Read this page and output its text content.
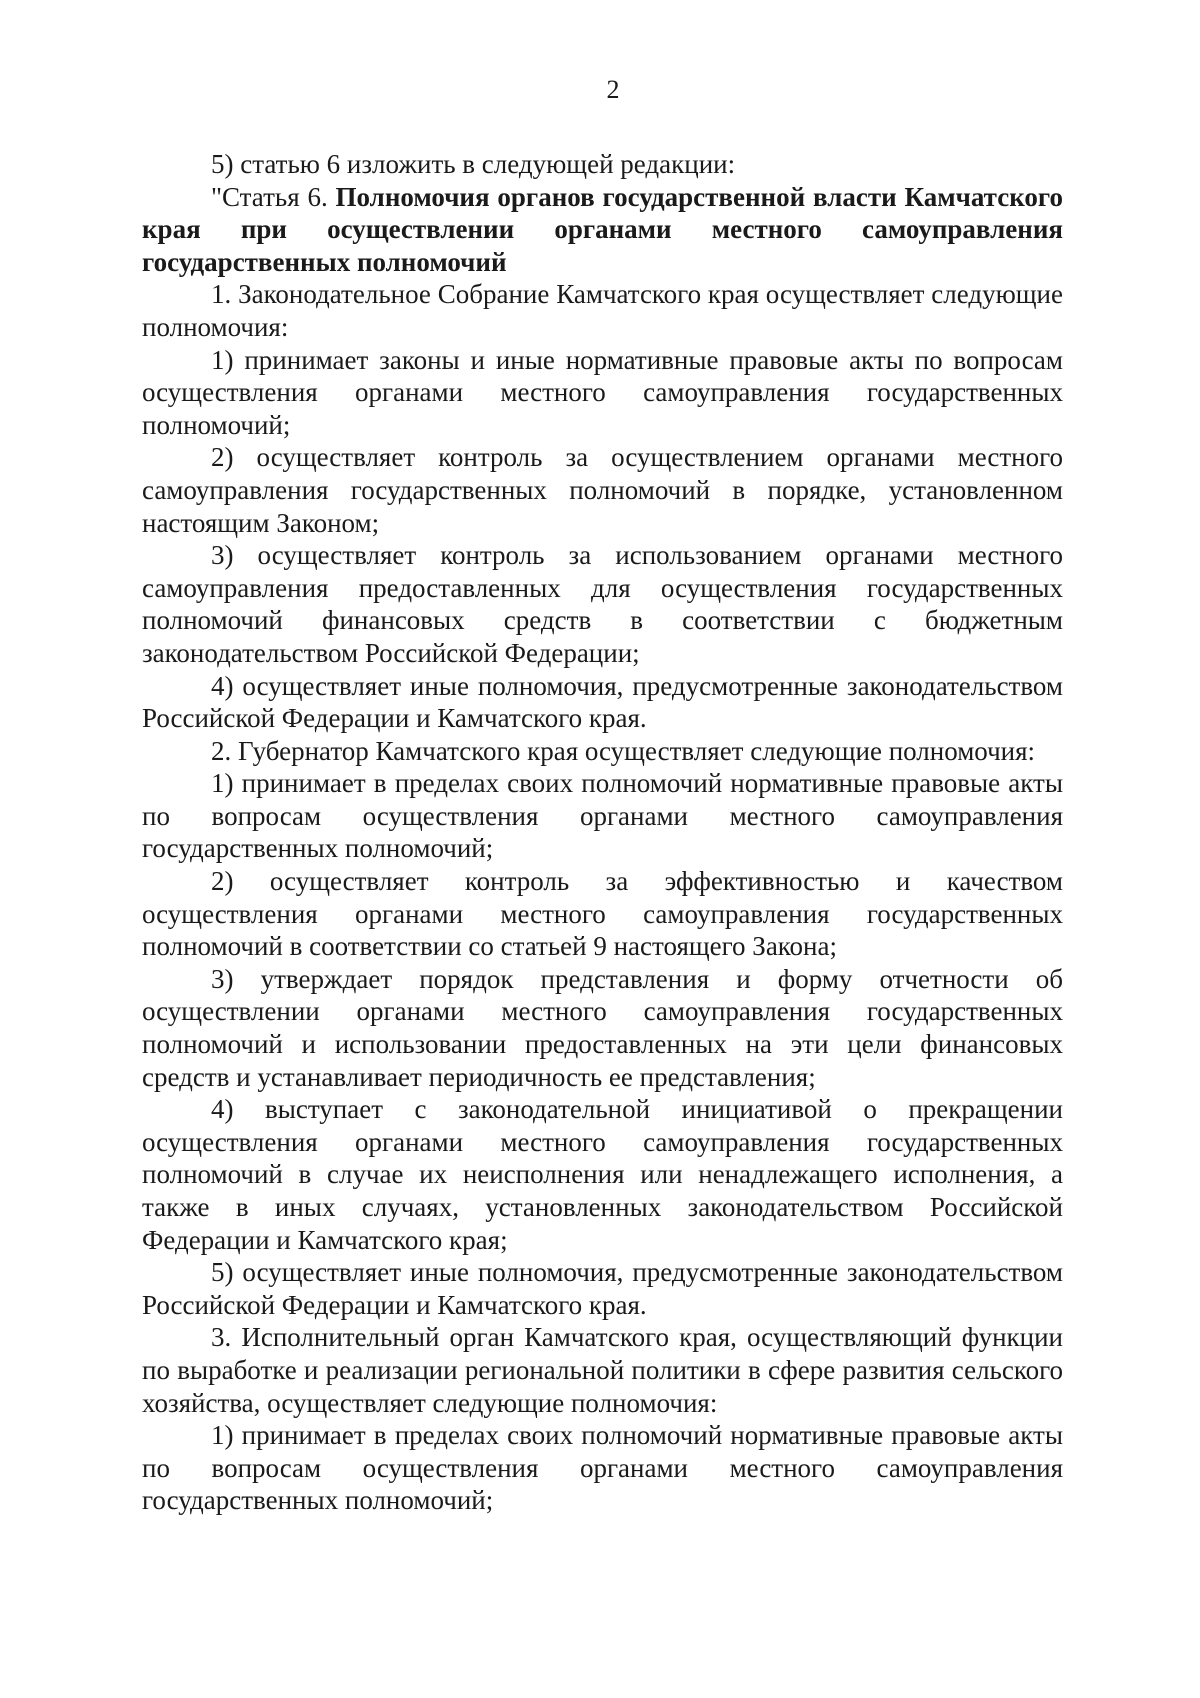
2

5) статью 6 изложить в следующей редакции:

"Статья 6. Полномочия органов государственной власти Камчатского края при осуществлении органами местного самоуправления государственных полномочий

1. Законодательное Собрание Камчатского края осуществляет следующие полномочия:

1) принимает законы и иные нормативные правовые акты по вопросам осуществления органами местного самоуправления государственных полномочий;

2) осуществляет контроль за осуществлением органами местного самоуправления государственных полномочий в порядке, установленном настоящим Законом;

3) осуществляет контроль за использованием органами местного самоуправления предоставленных для осуществления государственных полномочий финансовых средств в соответствии с бюджетным законодательством Российской Федерации;

4) осуществляет иные полномочия, предусмотренные законодательством Российской Федерации и Камчатского края.

2. Губернатор Камчатского края осуществляет следующие полномочия:

1) принимает в пределах своих полномочий нормативные правовые акты по вопросам осуществления органами местного самоуправления государственных полномочий;

2) осуществляет контроль за эффективностью и качеством осуществления органами местного самоуправления государственных полномочий в соответствии со статьей 9 настоящего Закона;

3) утверждает порядок представления и форму отчетности об осуществлении органами местного самоуправления государственных полномочий и использовании предоставленных на эти цели финансовых средств и устанавливает периодичность ее представления;

4) выступает с законодательной инициативой о прекращении осуществления органами местного самоуправления государственных полномочий в случае их неисполнения или ненадлежащего исполнения, а также в иных случаях, установленных законодательством Российской Федерации и Камчатского края;

5) осуществляет иные полномочия, предусмотренные законодательством Российской Федерации и Камчатского края.

3. Исполнительный орган Камчатского края, осуществляющий функции по выработке и реализации региональной политики в сфере развития сельского хозяйства, осуществляет следующие полномочия:

1) принимает в пределах своих полномочий нормативные правовые акты по вопросам осуществления органами местного самоуправления государственных полномочий;
